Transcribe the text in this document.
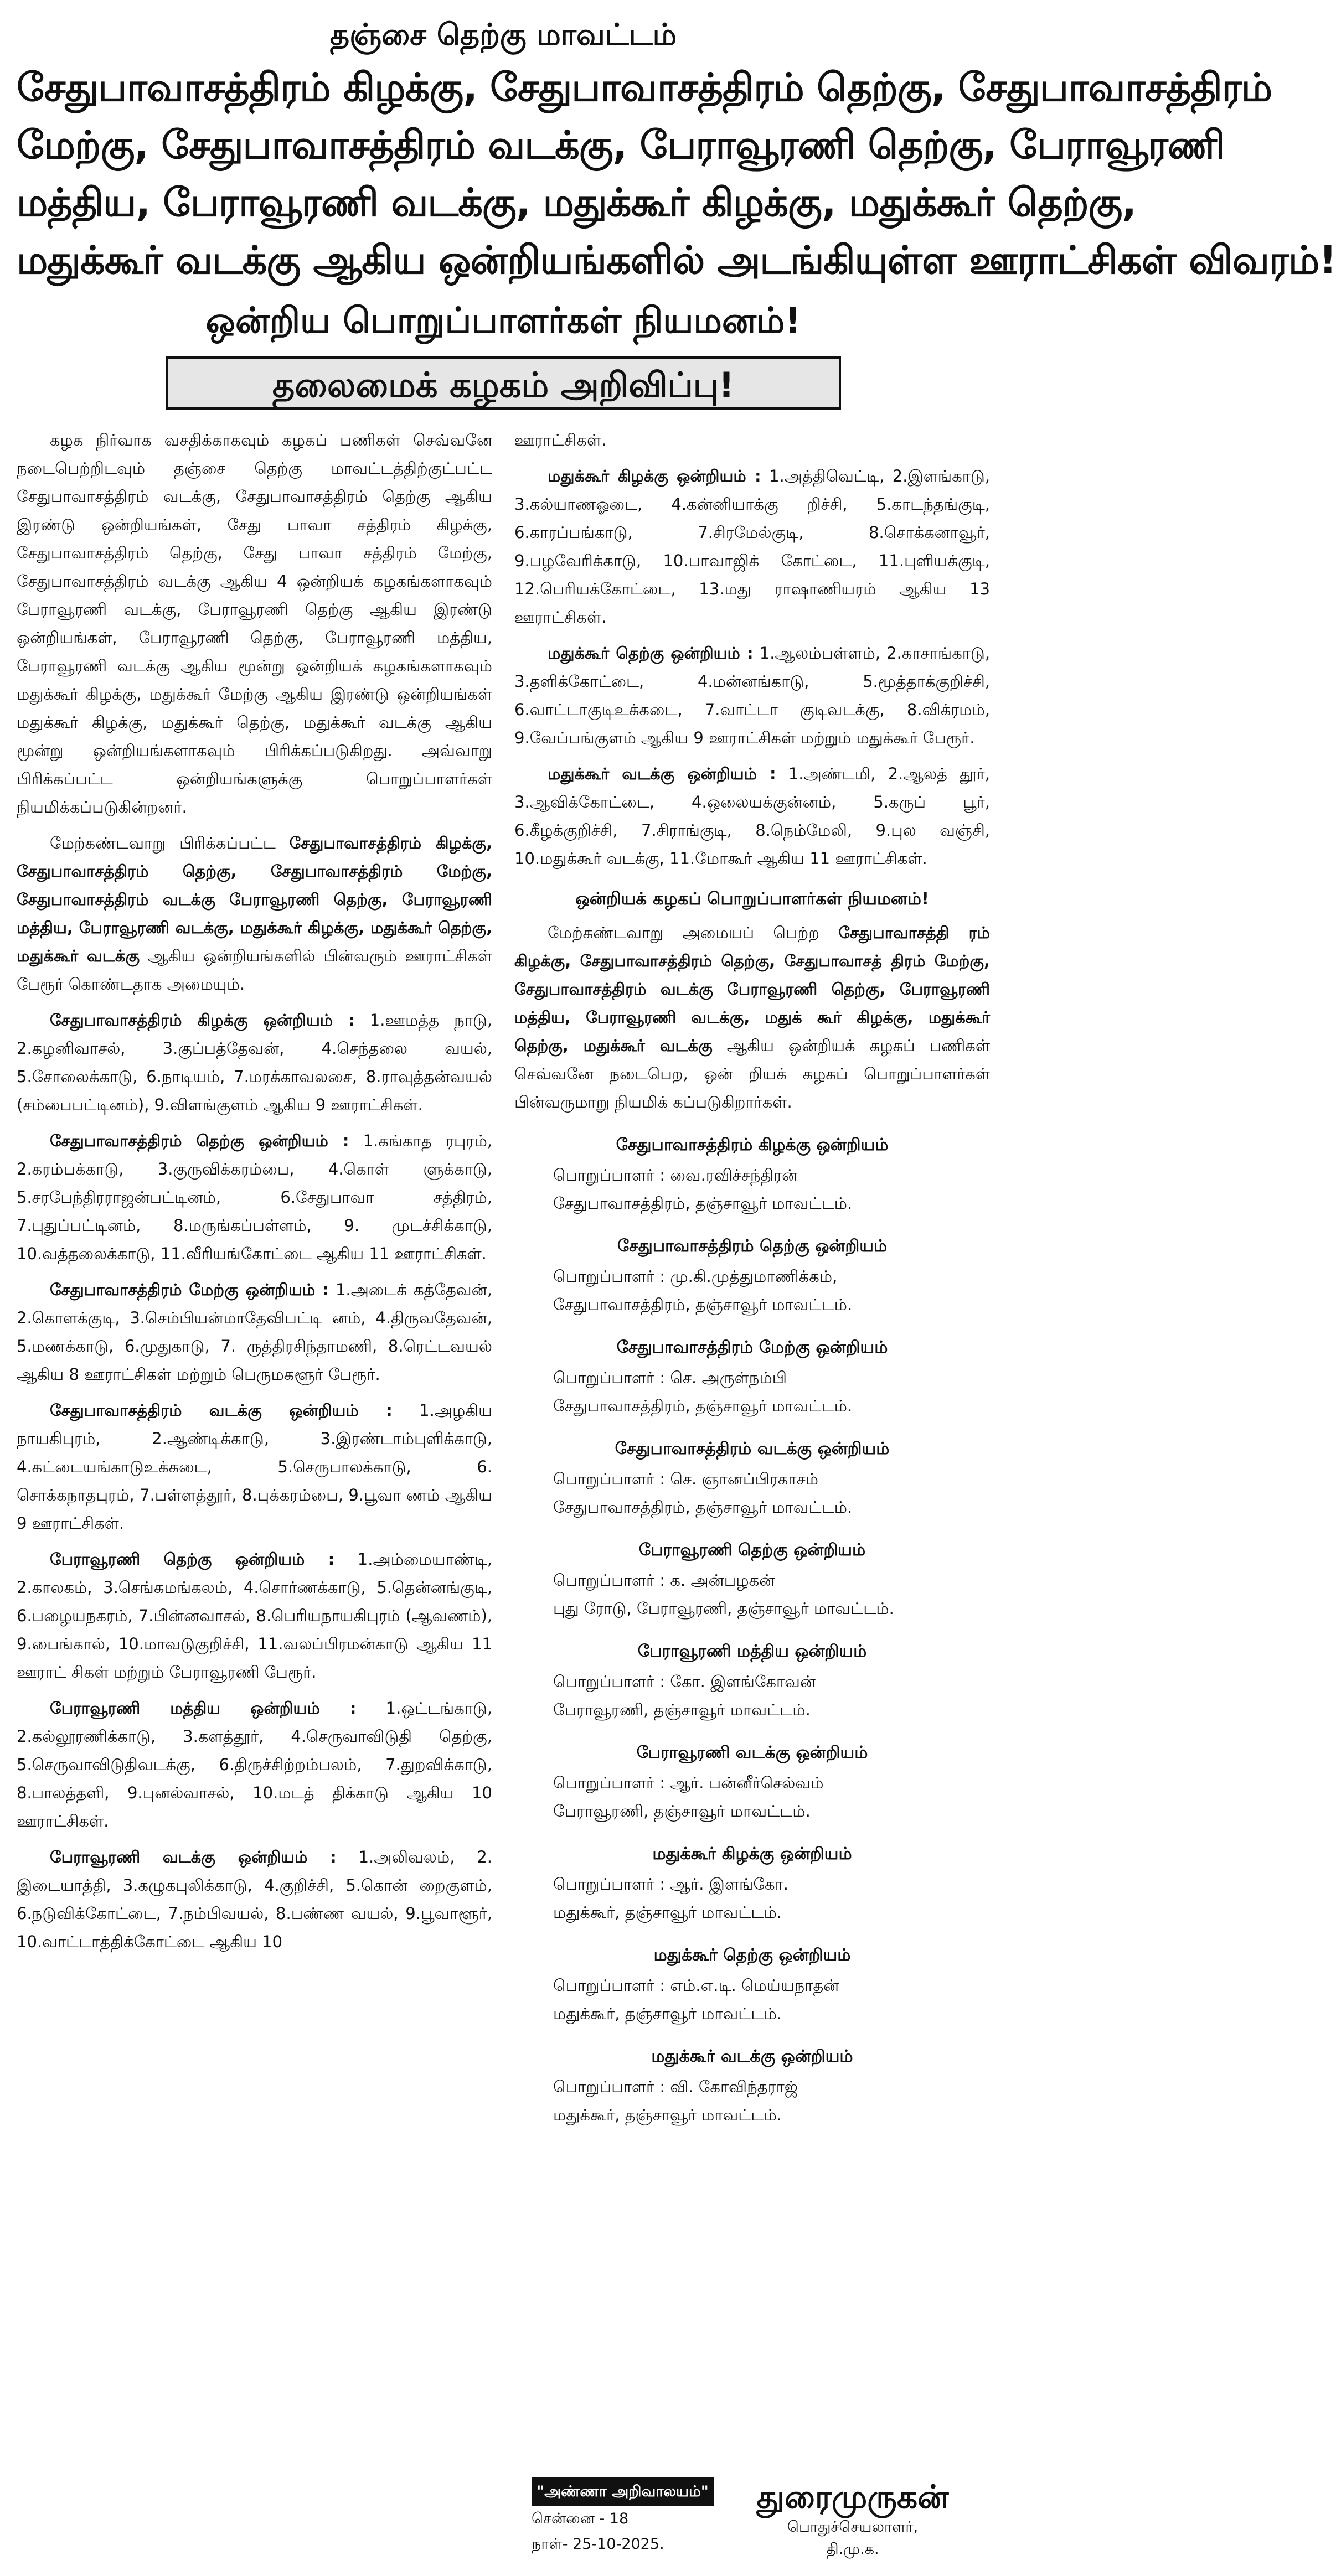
தஞ்சை தெற்கு மாவட்டம்
சேதுபாவாசத்திரம் கிழக்கு, சேதுபாவாசத்திரம் தெற்கு, சேதுபாவாசத்திரம்
மேற்கு, சேதுபாவாசத்திரம் வடக்கு, பேராவூரணி தெற்கு, பேராவூரணி
மத்திய, பேராவூரணி வடக்கு, மதுக்கூர் கிழக்கு, மதுக்கூர் தெற்கு,
மதுக்கூர் வடக்கு ஆகிய ஒன்றியங்களில் அடங்கியுள்ள ஊராட்சிகள் விவரம்!
ஒன்றிய பொறுப்பாளர்கள் நியமனம்!
தலைமைக் கழகம் அறிவிப்பு!

கழக நிர்வாக வசதிக்காகவும் கழகப் பணிகள் செவ்வனே நடைபெற்றிடவும் தஞ்சை தெற்கு மாவட்டத்திற்குட்பட்ட சேதுபாவாசத்திரம் வடக்கு, சேதுபாவாசத்திரம் தெற்கு ஆகிய இரண்டு ஒன்றியங்கள், சேது பாவா சத்திரம் கிழக்கு, சேதுபாவாசத்திரம் தெற்கு, சேது பாவா சத்திரம் மேற்கு, சேதுபாவாசத்திரம் வடக்கு ஆகிய 4 ஒன்றியக் கழகங்களாகவும் பேராவூரணி வடக்கு, பேராவூரணி தெற்கு ஆகிய இரண்டு ஒன்றியங்கள், பேராவூரணி தெற்கு, பேராவூரணி மத்திய, பேராவூரணி வடக்கு ஆகிய மூன்று ஒன்றியக் கழகங்களாகவும் மதுக்கூர் கிழக்கு, மதுக்கூர் மேற்கு ஆகிய இரண்டு ஒன்றியங்கள் மதுக்கூர் கிழக்கு, மதுக்கூர் தெற்கு, மதுக்கூர் வடக்கு ஆகிய மூன்று ஒன்றியங்களாகவும் பிரிக்கப்படுகிறது. அவ்வாறு பிரிக்கப்பட்ட ஒன்றியங்களுக்கு பொறுப்பாளர்கள் நியமிக்கப்படுகின்றனர்.

மேற்கண்டவாறு பிரிக்கப்பட்ட சேதுபாவாசத்திரம் கிழக்கு, சேதுபாவாசத்திரம் தெற்கு, சேதுபாவாசத்திரம் மேற்கு, சேதுபாவாசத்திரம் வடக்கு பேராவூரணி தெற்கு, பேராவூரணி மத்திய, பேராவூரணி வடக்கு, மதுக்கூர் கிழக்கு, மதுக்கூர் தெற்கு, மதுக்கூர் வடக்கு ஆகிய ஒன்றியங்களில் பின்வரும் ஊராட்சிகள் பேரூர் கொண்டதாக அமையும்.

சேதுபாவாசத்திரம் கிழக்கு ஒன்றியம் : 1.ஊமத்த நாடு, 2.கழனிவாசல், 3.குப்பத்தேவன், 4.செந்தலை வயல், 5.சோலைக்காடு, 6.நாடியம், 7.மரக்காவலசை, 8.ராவுத்தன்வயல் (சம்பைபட்டினம்), 9.விளங்குளம் ஆகிய 9 ஊராட்சிகள்.

சேதுபாவாசத்திரம் தெற்கு ஒன்றியம் : 1.கங்காத ரபுரம், 2.கரம்பக்காடு, 3.குருவிக்கரம்பை, 4.கொள் ளுக்காடு, 5.சரபேந்திரராஜன்பட்டினம், 6.சேதுபாவா சத்திரம், 7.புதுப்பட்டினம், 8.மருங்கப்பள்ளம், 9. முடச்சிக்காடு, 10.வத்தலைக்காடு, 11.வீரியங்கோட்டை ஆகிய 11 ஊராட்சிகள்.

சேதுபாவாசத்திரம் மேற்கு ஒன்றியம் : 1.அடைக் கத்தேவன், 2.கொளக்குடி, 3.செம்பியன்மாதேவிபட்டி னம், 4.திருவதேவன், 5.மணக்காடு, 6.முதுகாடு, 7. ருத்திரசிந்தாமணி, 8.ரெட்டவயல் ஆகிய 8 ஊராட்சிகள் மற்றும் பெருமகளூர் பேரூர்.

சேதுபாவாசத்திரம் வடக்கு ஒன்றியம் : 1.அழகிய நாயகிபுரம், 2.ஆண்டிக்காடு, 3.இரண்டாம்புளிக்காடு, 4.கட்டையங்காடுஉக்கடை, 5.செருபாலக்காடு, 6. சொக்கநாதபுரம், 7.பள்ளத்தூர், 8.புக்கரம்பை, 9.பூவா ணம் ஆகிய 9 ஊராட்சிகள்.

பேராவூரணி தெற்கு ஒன்றியம் : 1.அம்மையாண்டி, 2.காலகம், 3.செங்கமங்கலம், 4.சொர்ணக்காடு, 5.தென்னங்குடி, 6.பழையநகரம், 7.பின்னவாசல், 8.பெரியநாயகிபுரம் (ஆவணம்), 9.பைங்கால், 10.மாவடுகுறிச்சி, 11.வலப்பிரமன்காடு ஆகிய 11 ஊராட் சிகள் மற்றும் பேராவூரணி பேரூர்.

பேராவூரணி மத்திய ஒன்றியம் : 1.ஒட்டங்காடு, 2.கல்லூரணிக்காடு, 3.களத்தூர், 4.செருவாவிடுதி தெற்கு, 5.செருவாவிடுதிவடக்கு, 6.திருச்சிற்றம்பலம், 7.துறவிக்காடு, 8.பாலத்தளி, 9.புனல்வாசல், 10.மடத் திக்காடு ஆகிய 10 ஊராட்சிகள்.

பேராவூரணி வடக்கு ஒன்றியம் : 1.அலிவலம், 2. இடையாத்தி, 3.கழுகபுலிக்காடு, 4.குறிச்சி, 5.கொன் றைகுளம், 6.நடுவிக்கோட்டை, 7.நம்பிவயல், 8.பண்ண வயல், 9.பூவாளூர், 10.வாட்டாத்திக்கோட்டை ஆகிய 10

ஊராட்சிகள்.

மதுக்கூர் கிழக்கு ஒன்றியம் : 1.அத்திவெட்டி, 2.இளங்காடு, 3.கல்யாணஓடை, 4.கன்னியாக்கு றிச்சி, 5.காடந்தங்குடி, 6.காரப்பங்காடு, 7.சிரமேல்குடி, 8.சொக்கனாவூர், 9.பழவேரிக்காடு, 10.பாவாஜிக் கோட்டை, 11.புளியக்குடி, 12.பெரியக்கோட்டை, 13.மது ராஷாணியரம் ஆகிய 13 ஊராட்சிகள்.

மதுக்கூர் தெற்கு ஒன்றியம் : 1.ஆலம்பள்ளம், 2.காசாங்காடு, 3.தளிக்கோட்டை, 4.மன்னங்காடு, 5.மூத்தாக்குறிச்சி, 6.வாட்டாகுடிஉக்கடை, 7.வாட்டா குடிவடக்கு, 8.விக்ரமம், 9.வேப்பங்குளம் ஆகிய 9 ஊராட்சிகள் மற்றும் மதுக்கூர் பேரூர்.

மதுக்கூர் வடக்கு ஒன்றியம் : 1.அண்டமி, 2.ஆலத் தூர், 3.ஆவிக்கோட்டை, 4.ஒலையக்குன்னம், 5.கருப் பூர், 6.கீழக்குறிச்சி, 7.சிராங்குடி, 8.நெம்மேலி, 9.புல வஞ்சி, 10.மதுக்கூர் வடக்கு, 11.மோகூர் ஆகிய 11 ஊராட்சிகள்.

ஒன்றியக் கழகப் பொறுப்பாளர்கள் நியமனம்!

மேற்கண்டவாறு அமையப் பெற்ற சேதுபாவாசத்தி ரம் கிழக்கு, சேதுபாவாசத்திரம் தெற்கு, சேதுபாவாசத் திரம் மேற்கு, சேதுபாவாசத்திரம் வடக்கு பேராவூரணி தெற்கு, பேராவூரணி மத்திய, பேராவூரணி வடக்கு, மதுக் கூர் கிழக்கு, மதுக்கூர் தெற்கு, மதுக்கூர் வடக்கு ஆகிய ஒன்றியக் கழகப் பணிகள் செவ்வனே நடைபெற, ஒன் றியக் கழகப் பொறுப்பாளர்கள் பின்வருமாறு நியமிக் கப்படுகிறார்கள்.

சேதுபாவாசத்திரம் கிழக்கு ஒன்றியம்
பொறுப்பாளர் : வை.ரவிச்சந்திரன்
சேதுபாவாசத்திரம், தஞ்சாவூர் மாவட்டம்.
சேதுபாவாசத்திரம் தெற்கு ஒன்றியம்
பொறுப்பாளர் : மு.கி.முத்துமாணிக்கம்,
சேதுபாவாசத்திரம், தஞ்சாவூர் மாவட்டம்.
சேதுபாவாசத்திரம் மேற்கு ஒன்றியம்
பொறுப்பாளர் : செ. அருள்நம்பி
சேதுபாவாசத்திரம், தஞ்சாவூர் மாவட்டம்.
சேதுபாவாசத்திரம் வடக்கு ஒன்றியம்
பொறுப்பாளர் : செ. ஞானப்பிரகாசம்
சேதுபாவாசத்திரம், தஞ்சாவூர் மாவட்டம்.
பேராவூரணி தெற்கு ஒன்றியம்
பொறுப்பாளர் : க. அன்பழகன்
புது ரோடு, பேராவூரணி, தஞ்சாவூர் மாவட்டம்.
பேராவூரணி மத்திய ஒன்றியம்
பொறுப்பாளர் : கோ. இளங்கோவன்
பேராவூரணி, தஞ்சாவூர் மாவட்டம்.
பேராவூரணி வடக்கு ஒன்றியம்
பொறுப்பாளர் : ஆர். பன்னீர்செல்வம்
பேராவூரணி, தஞ்சாவூர் மாவட்டம்.
மதுக்கூர் கிழக்கு ஒன்றியம்
பொறுப்பாளர் : ஆர். இளங்கோ.
மதுக்கூர், தஞ்சாவூர் மாவட்டம்.
மதுக்கூர் தெற்கு ஒன்றியம்
பொறுப்பாளர் : எம்.எ.டி. மெய்யநாதன்
மதுக்கூர், தஞ்சாவூர் மாவட்டம்.
மதுக்கூர் வடக்கு ஒன்றியம்
பொறுப்பாளர் : வி. கோவிந்தராஜ்
மதுக்கூர், தஞ்சாவூர் மாவட்டம்.
"அண்ணா அறிவாலயம்"
சென்னை - 18
நாள்- 25-10-2025.
துரைமுருகன்
பொதுச்செயலாளர்,
தி.மு.க.
